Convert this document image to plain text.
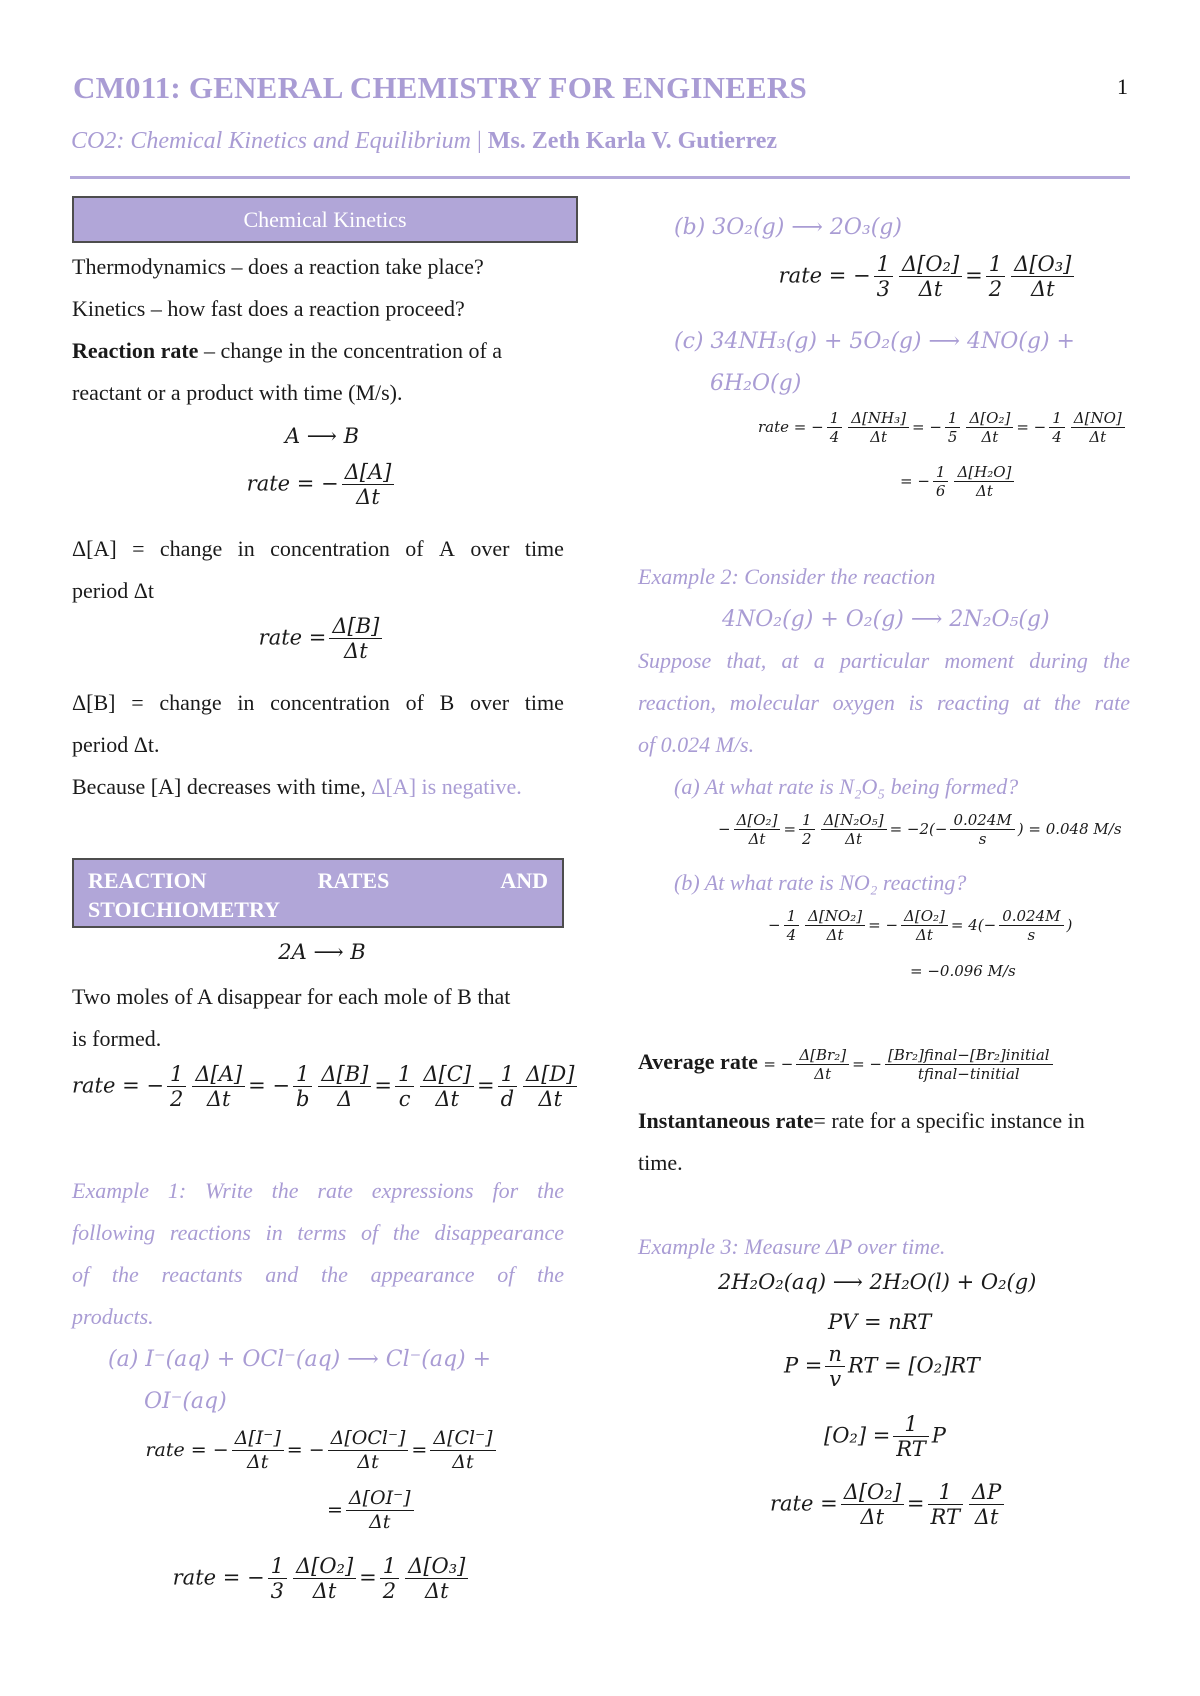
CM011: GENERAL CHEMISTRY FOR ENGINEERS	1
CO2: Chemical Kinetics and Equilibrium | Ms. Zeth Karla V. Gutierrez
Chemical Kinetics
Thermodynamics – does a reaction take place?
Kinetics – how fast does a reaction proceed?
Reaction rate – change in the concentration of a
reactant or a product with time (M/s).
A ⟶ B
rate = − $\frac{\Delta[A]}{\Delta t}$
Δ[A] = change in concentration of A over time
period Δt
rate = $\frac{\Delta[B]}{\Delta t}$
Δ[B] = change in concentration of B over time
period Δt.
Because [A] decreases with time, Δ[A] is negative.
REACTION	RATES	AND
STOICHIOMETRY
2A ⟶ B
Two moles of A disappear for each mole of B that
is formed.
rate = − $\frac{1}{2} \frac{\Delta[A]}{\Delta t}$ = − $\frac{1}{b} \frac{\Delta[B]}{\Delta} = \frac{1}{c} \frac{\Delta[C]}{\Delta t} = \frac{1}{d} \frac{\Delta[D]}{\Delta t}$
Example 1: Write the rate expressions for the
following reactions in terms of the disappearance
of the reactants and the appearance of the
products.
(a) I⁻(aq) + OCl⁻(aq) ⟶ Cl⁻(aq) +
OI⁻(aq)
rate = − $\frac{\Delta[I^-]}{\Delta t}$ = − $\frac{\text{Δ[OCl⁻]}}{\Delta t} = \frac{\Delta[Cl^-]}{\Delta t}$
= $\frac{\Delta[OI^-]}{\Delta t}$
rate = − $\frac{1}{3} \frac{\text{Δ[O₂]}}{\Delta t} = \frac{1}{2} \frac{\text{Δ[O₃]}}{\Delta t}$
(b) 3O₂(g) ⟶ 2O₃(g)
rate = − $\frac{1}{3} \frac{\text{Δ[O₂]}}{\Delta t} = \frac{1}{2} \frac{\text{Δ[O₃]}}{\Delta t}$
(c) 34NH₃(g) + 5O₂(g) ⟶ 4NO(g) +
6H₂O(g)
rate = − $\frac{1}{4} \frac{\text{Δ[NH₃]}}{\Delta t}$ = − $\frac{1}{5} \frac{\text{Δ[O₂]}}{\Delta t}$ = − $\frac{1}{4} \frac{\Delta[NO]}{\Delta t}$
= − $\frac{1}{6} \frac{\text{Δ[H₂O]}}{\Delta t}$
Example 2: Consider the reaction
4NO₂(g) + O₂(g) ⟶ 2N₂O₅(g)
Suppose that, at a particular moment during the
reaction, molecular oxygen is reacting at the rate
of 0.024 M/s.
(a) At what rate is N₂O₅ being formed?
− $\frac{\text{Δ[O₂]}}{\Delta t} = \frac{1}{2} \frac{\text{Δ[N₂O₅]}}{\Delta t} = -2(- \frac{0.024M}{s}$ ) = 0.048 M/s
(b) At what rate is NO₂ reacting?
− $\frac{1}{4} \frac{\text{Δ[NO₂]}}{\Delta t}$ = − $\frac{\text{Δ[O₂]}}{\Delta t} = 4(- \frac{0.024M}{s}$ )
= −0.096 M/s
Average rate = − $\frac{\text{Δ[Br₂]}}{\Delta t}$ = − $\frac{\text{[Br₂]final−[Br₂]initial}}{\text{tfinal−tinitial}}$
Instantaneous rate= rate for a specific instance in
time.
Example 3: Measure ΔP over time.
2H₂O₂(aq) ⟶ 2H₂O(l) + O₂(g)
PV = nRT
$P = \frac{n}{v}$ RT = [O₂]RT
$[O_2] = \frac{1}{RT}$ P
rate = $\frac{\text{Δ[O₂]}}{\Delta t} = \frac{1}{RT} \frac{\Delta P}{\Delta t}$
